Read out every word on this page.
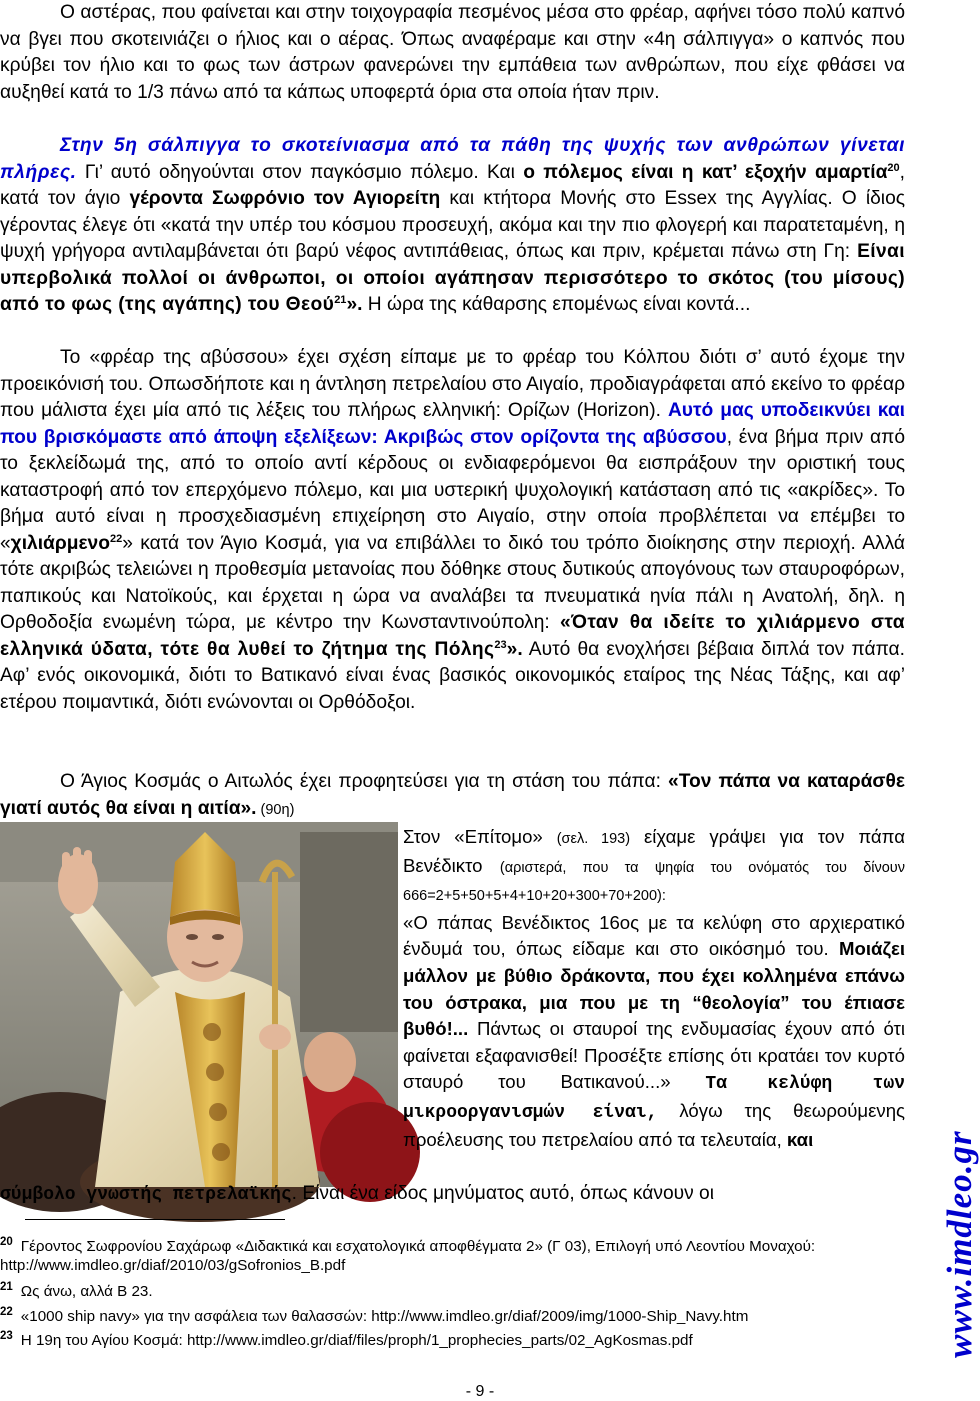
Ο αστέρας, που φαίνεται και στην τοιχογραφία πεσμένος μέσα στο φρέαρ, αφήνει τόσο πολύ καπνό να βγει που σκοτεινιάζει ο ήλιος και ο αέρας. Όπως αναφέραμε και στην «4η σάλπιγγα» ο καπνός που κρύβει τον ήλιο και το φως των άστρων φανερώνει την εμπάθεια των ανθρώπων, που είχε φθάσει να αυξηθεί κατά το 1/3 πάνω από τα κάπως υποφερτά όρια στα οποία ήταν πριν.

Στην 5η σάλπιγγα το σκοτείνιασμα από τα πάθη της ψυχής των ανθρώπων γίνεται πλήρες. Γι’ αυτό οδηγούνται στον παγκόσμιο πόλεμο. Και ο πόλεμος είναι η κατ’ εξοχήν αμαρτία$^{20}$, κατά τον άγιο γέροντα Σωφρόνιο τον Αγιορείτη και κτήτορα Μονής στο Essex της Αγγλίας. Ο ίδιος γέροντας έλεγε ότι «κατά την υπέρ του κόσμου προσευχή, ακόμα και την πιο φλογερή και παρατεταμένη, η ψυχή γρήγορα αντιλαμβάνεται ότι βαρύ νέφος αντιπάθειας, όπως και πριν, κρέμεται πάνω στη Γη: Είναι υπερβολικά πολλοί οι άνθρωποι, οι οποίοι αγάπησαν περισσότερο το σκότος (του μίσους) από το φως (της αγάπης) του Θεού$^{21}$». Η ώρα της κάθαρσης επομένως είναι κοντά...

Το «φρέαρ της αβύσσου» έχει σχέση είπαμε με το φρέαρ του Κόλπου διότι σ’ αυτό έχομε την προεικόνισή του. Οπωσδήποτε και η άντληση πετρελαίου στο Αιγαίο, προδιαγράφεται από εκείνο το φρέαρ που μάλιστα έχει μία από τις λέξεις του πλήρως ελληνική: Ορίζων (Horizon). Αυτό μας υποδεικνύει και που βρισκόμαστε από άποψη εξελίξεων: Ακριβώς στον ορίζοντα της αβύσσου, ένα βήμα πριν από το ξεκλείδωμά της, από το οποίο αντί κέρδους οι ενδιαφερόμενοι θα εισπράξουν την οριστική τους καταστροφή από τον επερχόμενο πόλεμο, και μια υστερική ψυχολογική κατάσταση από τις «ακρίδες». Το βήμα αυτό είναι η προσχεδιασμένη επιχείρηση στο Αιγαίο, στην οποία προβλέπεται να επέμβει το «χιλιάρμενο$^{22}$» κατά τον Άγιο Κοσμά, για να επιβάλλει το δικό του τρόπο διοίκησης στην περιοχή. Αλλά τότε ακριβώς τελειώνει η προθεσμία μετανοίας που δόθηκε στους δυτικούς απογόνους των σταυροφόρων, παπικούς και Νατοϊκούς, και έρχεται η ώρα να αναλάβει τα πνευματικά ηνία πάλι η Ανατολή, δηλ. η Ορθοδοξία ενωμένη τώρα, με κέντρο την Κωνσταντινούπολη: «Όταν θα ιδείτε το χιλιάρμενο στα ελληνικά ύδατα, τότε θα λυθεί το ζήτημα της Πόλης$^{23}$». Αυτό θα ενοχλήσει βέβαια διπλά τον πάπα. Αφ’ ενός οικονομικά, διότι το Βατικανό είναι ένας βασικός οικονομικός εταίρος της Νέας Τάξης, και αφ’ ετέρου ποιμαντικά, διότι ενώνονται οι Ορθόδοξοι.

Ο Άγιος Κοσμάς ο Αιτωλός έχει προφητεύσει για τη στάση του πάπα: «Τον πάπα να καταράσθε γιατί αυτός θα είναι η αιτία». (90η)

Στον «Επίτομο» (σελ. 193) είχαμε γράψει για τον πάπα Βενέδικτο (αριστερά, που τα ψηφία του ονόματός του δίνουν 666=2+5+50+5+4+10+20+300+70+200):
«Ο πάπας Βενέδικτος 16ος με τα κελύφη στο αρχιερατικό ένδυμά του, όπως είδαμε και στο οικόσημό του. Μοιάζει μάλλον με βύθιο δράκοντα, που έχει κολλημένα επάνω του όστρακα, μια που με τη “θεολογία” του έπιασε βυθό!... Πάντως οι σταυροί της ενδυμασίας έχουν από ότι φαίνεται εξαφανισθεί! Προσέξτε επίσης ότι κρατάει τον κυρτό σταυρό του Βατικανού...» Τα κελύφη των μικροοργανισμών είναι, λόγω της θεωρούμενης προέλευσης του πετρελαίου από τα τελευταία, και

σύμβολο γνωστής πετρελαϊκής. Είναι ένα είδος μηνύματος αυτό, όπως κάνουν οι

$^{20}$ Γέροντος Σωφρονίου Σαχάρωφ «Διδακτικά και εσχατολογικά αποφθέγματα 2» (Γ 03), Επιλογή υπό Λεοντίου Μοναχού: http://www.imdleo.gr/diaf/2010/03/gSofronios_B.pdf

$^{21}$ Ως άνω, αλλά Β 23.

$^{22}$ «1000 ship navy» για την ασφάλεια των θαλασσών: http://www.imdleo.gr/diaf/2009/img/1000-Ship_Navy.htm

$^{23}$ Η 19η του Αγίου Κοσμά: http://www.imdleo.gr/diaf/files/proph/1_prophecies_parts/02_AgKosmas.pdf

- 9 -
www.imdleo.gr
